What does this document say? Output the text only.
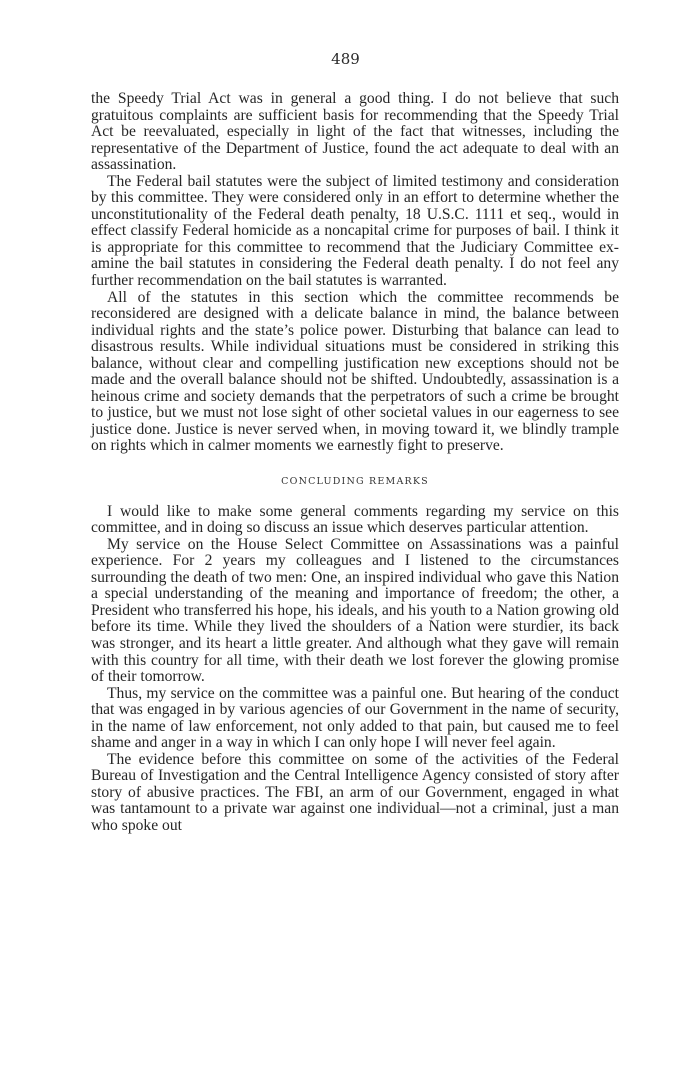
489

the Speedy Trial Act was in general a good thing. I do not believe that such gratuitous complaints are sufficient basis for recommending that the Speedy Trial Act be reevaluated, especially in light of the fact that witnesses, including the representative of the Department of Justice, found the act adequate to deal with an assassination.

The Federal bail statutes were the subject of limited testimony and consideration by this committee. They were considered only in an effort to determine whether the unconstitutionality of the Federal death penalty, 18 U.S.C. 1111 et seq., would in effect classify Federal homicide as a noncapital crime for purposes of bail. I think it is appropriate for this committee to recommend that the Judiciary Committee examine the bail statutes in considering the Federal death penalty. I do not feel any further recommendation on the bail statutes is warranted.

All of the statutes in this section which the committee recommends be reconsidered are designed with a delicate balance in mind, the balance between individual rights and the state’s police power. Disturbing that balance can lead to disastrous results. While individual situations must be considered in striking this balance, without clear and compelling justification new exceptions should not be made and the overall balance should not be shifted. Undoubtedly, assassination is a heinous crime and society demands that the perpetrators of such a crime be brought to justice, but we must not lose sight of other societal values in our eagerness to see justice done. Justice is never served when, in moving toward it, we blindly trample on rights which in calmer moments we earnestly fight to preserve.

CONCLUDING REMARKS

I would like to make some general comments regarding my service on this committee, and in doing so discuss an issue which deserves particular attention.

My service on the House Select Committee on Assassinations was a painful experience. For 2 years my colleagues and I listened to the circumstances surrounding the death of two men: One, an inspired individual who gave this Nation a special understanding of the meaning and importance of freedom; the other, a President who transferred his hope, his ideals, and his youth to a Nation growing old before its time. While they lived the shoulders of a Nation were sturdier, its back was stronger, and its heart a little greater. And although what they gave will remain with this country for all time, with their death we lost forever the glowing promise of their tomorrow.

Thus, my service on the committee was a painful one. But hearing of the conduct that was engaged in by various agencies of our Government in the name of security, in the name of law enforcement, not only added to that pain, but caused me to feel shame and anger in a way in which I can only hope I will never feel again.

The evidence before this committee on some of the activities of the Federal Bureau of Investigation and the Central Intelligence Agency consisted of story after story of abusive practices. The FBI, an arm of our Government, engaged in what was tantamount to a private war against one individual—not a criminal, just a man who spoke out
